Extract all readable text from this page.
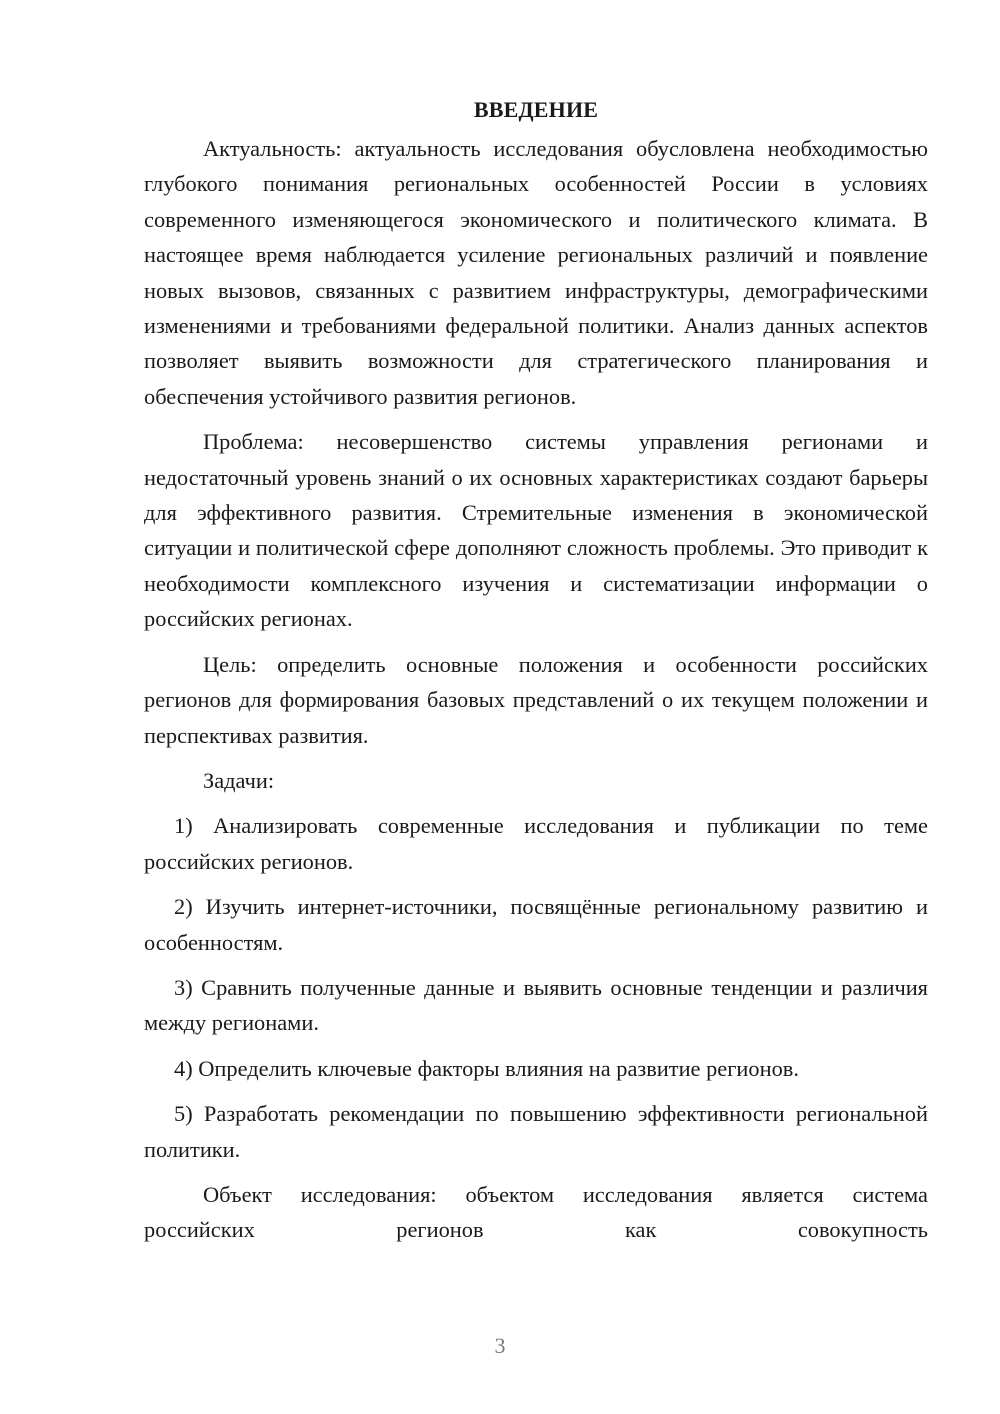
ВВЕДЕНИЕ

Актуальность: актуальность исследования обусловлена необходимостью глубокого понимания региональных особенностей России в условиях современного изменяющегося экономического и политического климата. В настоящее время наблюдается усиление региональных различий и появление новых вызовов, связанных с развитием инфраструктуры, демографическими изменениями и требованиями федеральной политики. Анализ данных аспектов позволяет выявить возможности для стратегического планирования и обеспечения устойчивого развития регионов.

Проблема: несовершенство системы управления регионами и недостаточный уровень знаний о их основных характеристиках создают барьеры для эффективного развития. Стремительные изменения в экономической ситуации и политической сфере дополняют сложность проблемы. Это приводит к необходимости комплексного изучения и систематизации информации о российских регионах.

Цель: определить основные положения и особенности российских регионов для формирования базовых представлений о их текущем положении и перспективах развития.

Задачи:

1) Анализировать современные исследования и публикации по теме российских регионов.

2) Изучить интернет-источники, посвящённые региональному развитию и особенностям.

3) Сравнить полученные данные и выявить основные тенденции и различия между регионами.

4) Определить ключевые факторы влияния на развитие регионов.

5) Разработать рекомендации по повышению эффективности региональной политики.

Объект исследования: объектом исследования является система российских регионов как совокупность

3
